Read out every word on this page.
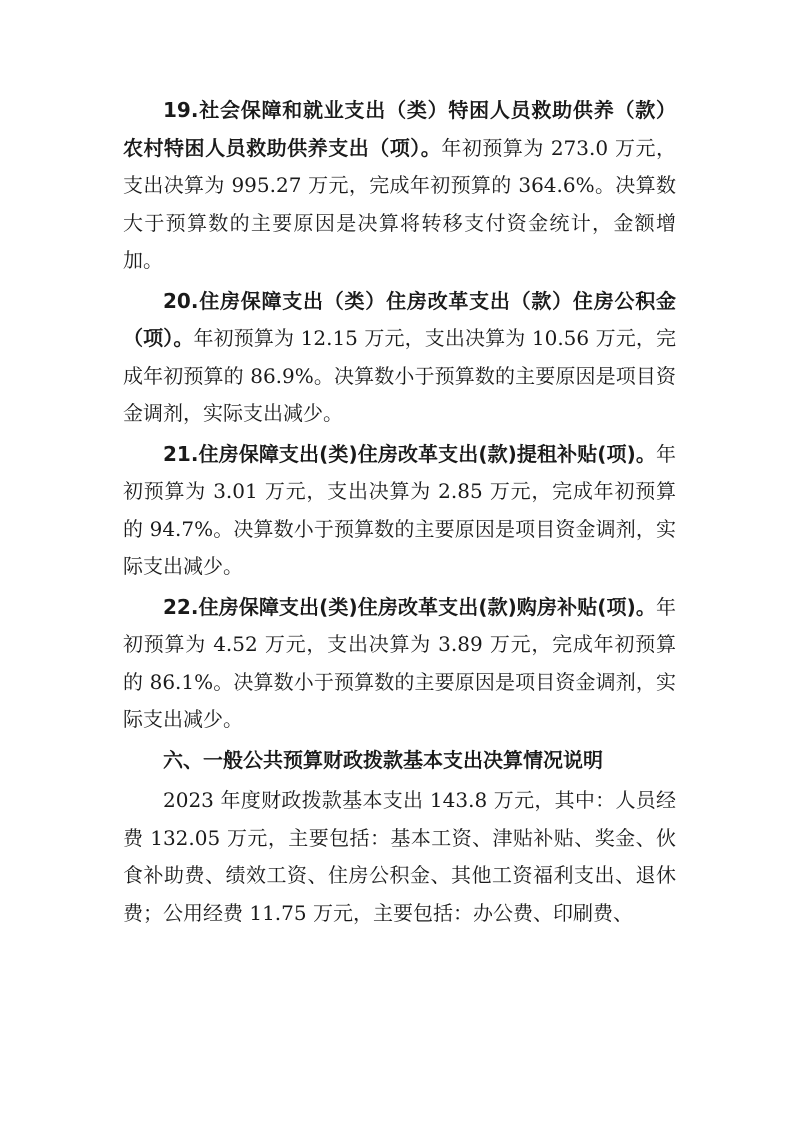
19.社会保障和就业支出（类）特困人员救助供养（款）农村特困人员救助供养支出（项）。年初预算为 273.0 万元，支出决算为 995.27 万元，完成年初预算的 364.6%。决算数大于预算数的主要原因是决算将转移支付资金统计，金额增加。

20.住房保障支出（类）住房改革支出（款）住房公积金（项）。年初预算为 12.15 万元，支出决算为 10.56 万元，完成年初预算的 86.9%。决算数小于预算数的主要原因是项目资金调剂，实际支出减少。

21.住房保障支出(类)住房改革支出(款)提租补贴(项)。年初预算为 3.01 万元，支出决算为 2.85 万元，完成年初预算的 94.7%。决算数小于预算数的主要原因是项目资金调剂，实际支出减少。

22.住房保障支出(类)住房改革支出(款)购房补贴(项)。年初预算为 4.52 万元，支出决算为 3.89 万元，完成年初预算的 86.1%。决算数小于预算数的主要原因是项目资金调剂，实际支出减少。

六、一般公共预算财政拨款基本支出决算情况说明

2023 年度财政拨款基本支出 143.8 万元，其中：人员经费 132.05 万元，主要包括：基本工资、津贴补贴、奖金、伙食补助费、绩效工资、住房公积金、其他工资福利支出、退休费；公用经费 11.75 万元，主要包括：办公费、印刷费、
